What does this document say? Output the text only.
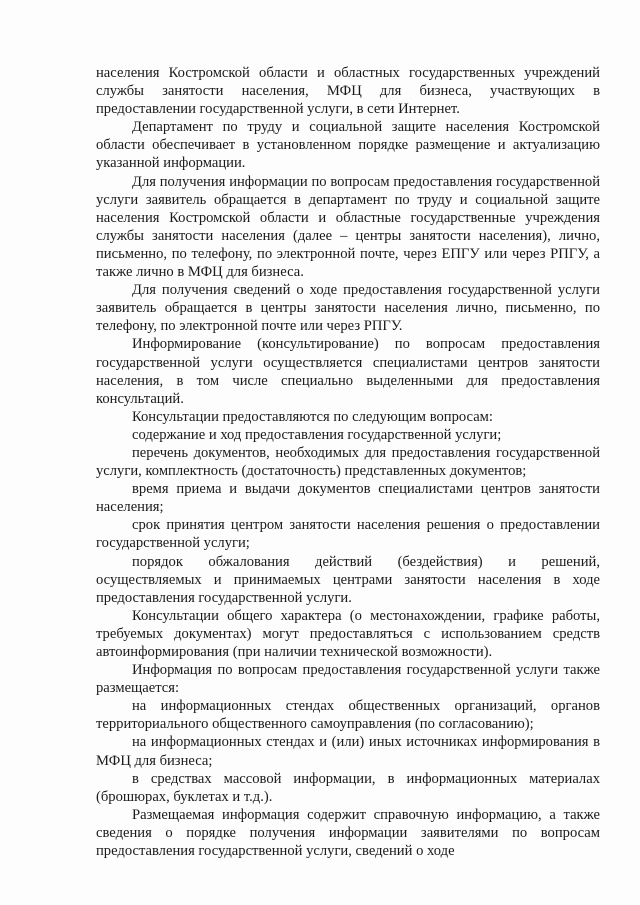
населения Костромской области и областных государственных учреждений службы занятости населения, МФЦ для бизнеса, участвующих в предоставлении государственной услуги, в сети Интернет.

Департамент по труду и социальной защите населения Костромской области обеспечивает в установленном порядке размещение и актуализацию указанной информации.

Для получения информации по вопросам предоставления государственной услуги заявитель обращается в департамент по труду и социальной защите населения Костромской области и областные государственные учреждения службы занятости населения (далее – центры занятости населения), лично, письменно, по телефону, по электронной почте, через ЕПГУ или через РПГУ, а также лично в МФЦ для бизнеса.

Для получения сведений о ходе предоставления государственной услуги заявитель обращается в центры занятости населения лично, письменно, по телефону, по электронной почте или через РПГУ.

Информирование (консультирование) по вопросам предоставления государственной услуги осуществляется специалистами центров занятости населения, в том числе специально выделенными для предоставления консультаций.

Консультации предоставляются по следующим вопросам:

содержание и ход предоставления государственной услуги;

перечень документов, необходимых для предоставления государственной услуги, комплектность (достаточность) представленных документов;

время приема и выдачи документов специалистами центров занятости населения;

срок принятия центром занятости населения решения о предоставлении государственной услуги;

порядок обжалования действий (бездействия) и решений, осуществляемых и принимаемых центрами занятости населения в ходе предоставления государственной услуги.

Консультации общего характера (о местонахождении, графике работы, требуемых документах) могут предоставляться с использованием средств автоинформирования (при наличии технической возможности).

Информация по вопросам предоставления государственной услуги также размещается:

на информационных стендах общественных организаций, органов территориального общественного самоуправления (по согласованию);

на информационных стендах и (или) иных источниках информирования в МФЦ для бизнеса;

в средствах массовой информации, в информационных материалах (брошюрах, буклетах и т.д.).

Размещаемая информация содержит справочную информацию, а также сведения о порядке получения информации заявителями по вопросам предоставления государственной услуги, сведений о ходе
